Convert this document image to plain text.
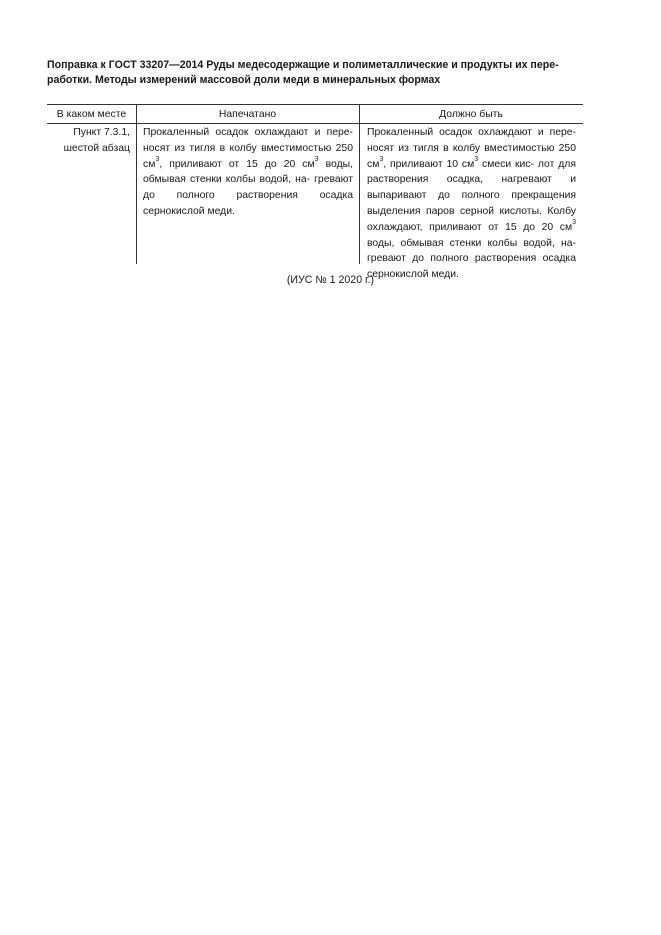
Поправка к ГОСТ 33207—2014 Руды медесодержащие и полиметаллические и продукты их пере-
работки. Методы измерений массовой доли меди в минеральных формах
В каком месте	Напечатано	Должно быть

Пункт 7.3.1,

шестой абзац

Прокаленный осадок охлаждают и пере- носят из тигля в колбу вместимостью 250 $см^3$, приливают от 15 до 20 $см^3$ воды, обмывая стенки колбы водой, на- гревают до полного растворения осадка сернокислой меди.

Прокаленный осадок охлаждают и пере- носят из тигля в колбу вместимостью 250 $см^3$, приливают 10 $см^3$ смеси кис- лот для растворения осадка, нагревают и выпаривают до полного прекращения выделения паров серной кислоты. Колбу охлаждают, приливают от 15 до 20 $см^3$ воды, обмывая стенки колбы водой, на- гревают до полного растворения осадка сернокислой меди.

(ИУС № 1 2020 г.)
